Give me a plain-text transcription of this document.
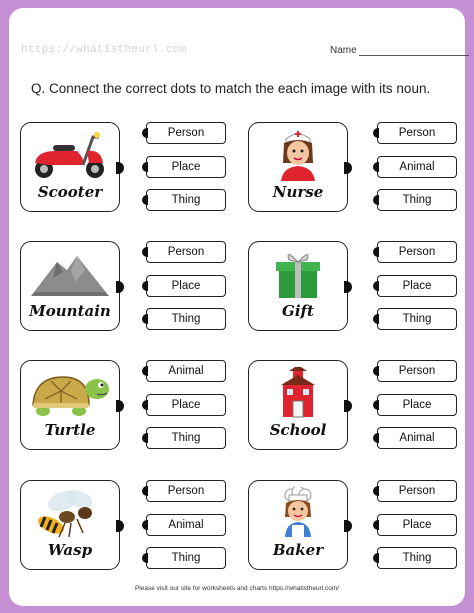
https://whatistheurl.com	Name
Q. Connect the correct dots to match the each image with its noun.
Scooter
Person
Place
Thing	Nurse
Person
Animal
Thing
Mountain
Person
Place
Thing	Gift
Person
Place
Thing
Turtle
Animal
Place
Thing	School
Person
Place
Animal
Wasp
Person
Animal
Thing	Baker
Person
Place
Thing
Please visit our site for worksheets and charts https://whatistheurl.com/
